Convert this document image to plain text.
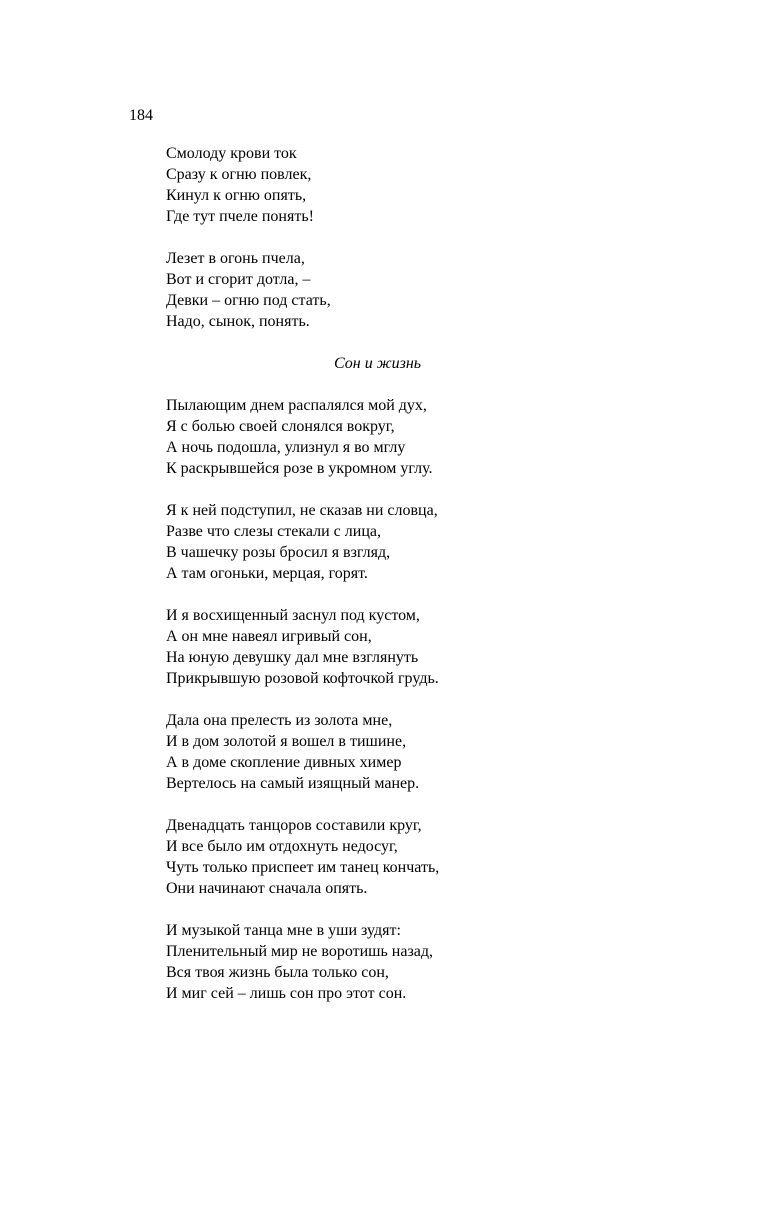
184
Смолоду крови ток
Сразу к огню повлек,
Кинул к огню опять,
Где тут пчеле понять!
Лезет в огонь пчела,
Вот и сгорит дотла, –
Девки – огню под стать,
Надо, сынок, понять.
Сон и жизнь
Пылающим днем распалялся мой дух,
Я с болью своей слонялся вокруг,
А ночь подошла, улизнул я во мглу
К раскрывшейся розе в укромном углу.
Я к ней подступил, не сказав ни словца,
Разве что слезы стекали с лица,
В чашечку розы бросил я взгляд,
А там огоньки, мерцая, горят.
И я восхищенный заснул под кустом,
А он мне навеял игривый сон,
На юную девушку дал мне взглянуть
Прикрывшую розовой кофточкой грудь.
Дала она прелесть из золота мне,
И в дом золотой я вошел в тишине,
А в доме скопление дивных химер
Вертелось на самый изящный манер.
Двенадцать танцоров составили круг,
И все было им отдохнуть недосуг,
Чуть только приспеет им танец кончать,
Они начинают сначала опять.
И музыкой танца мне в уши зудят:
Пленительный мир не воротишь назад,
Вся твоя жизнь была только сон,
И миг сей – лишь сон про этот сон.
